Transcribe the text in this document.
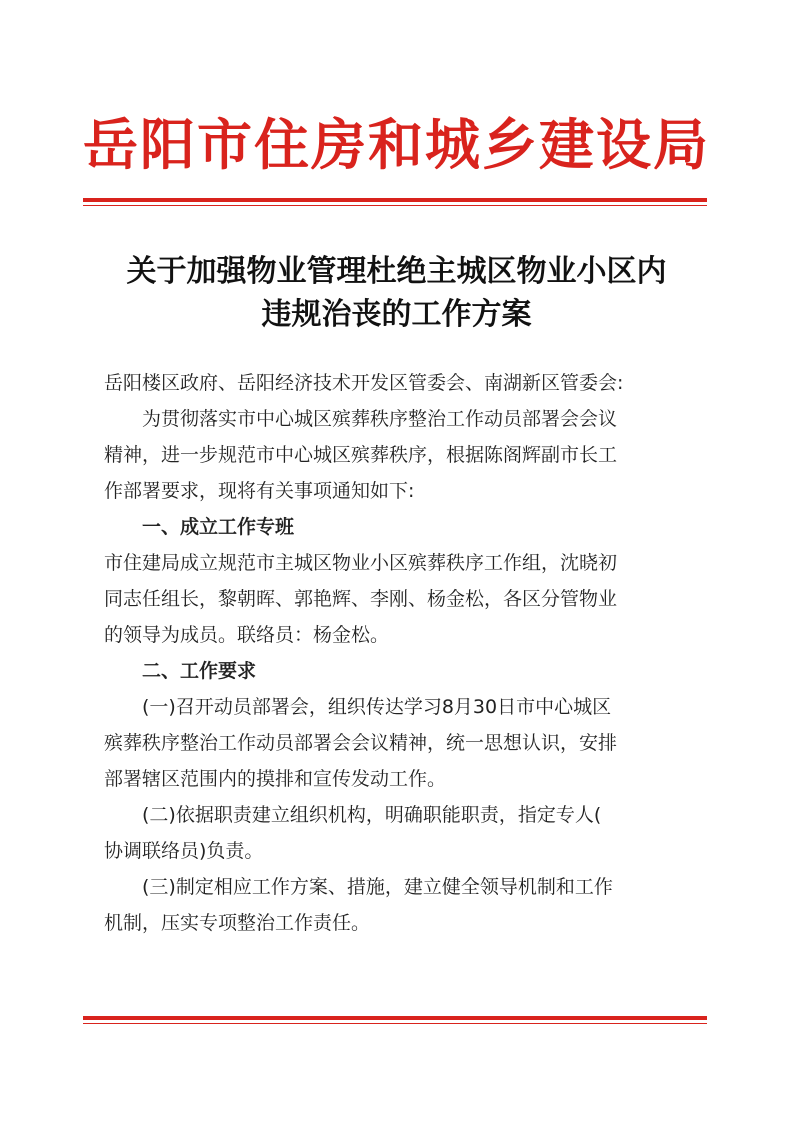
岳阳市住房和城乡建设局
关于加强物业管理杜绝主城区物业小区内
违规治丧的工作方案
岳阳楼区政府、岳阳经济技术开发区管委会、南湖新区管委会:
为贯彻落实市中心城区殡葬秩序整治工作动员部署会会议
精神，进一步规范市中心城区殡葬秩序，根据陈阁辉副市长工
作部署要求，现将有关事项通知如下:
一、成立工作专班
市住建局成立规范市主城区物业小区殡葬秩序工作组，沈晓初
同志任组长，黎朝晖、郭艳辉、李刚、杨金松，各区分管物业
的领导为成员。联络员：杨金松。
二、工作要求
(一)召开动员部署会，组织传达学习8月30日市中心城区
殡葬秩序整治工作动员部署会会议精神，统一思想认识，安排
部署辖区范围内的摸排和宣传发动工作。
(二)依据职责建立组织机构，明确职能职责，指定专人(
协调联络员)负责。
(三)制定相应工作方案、措施，建立健全领导机制和工作
机制，压实专项整治工作责任。
